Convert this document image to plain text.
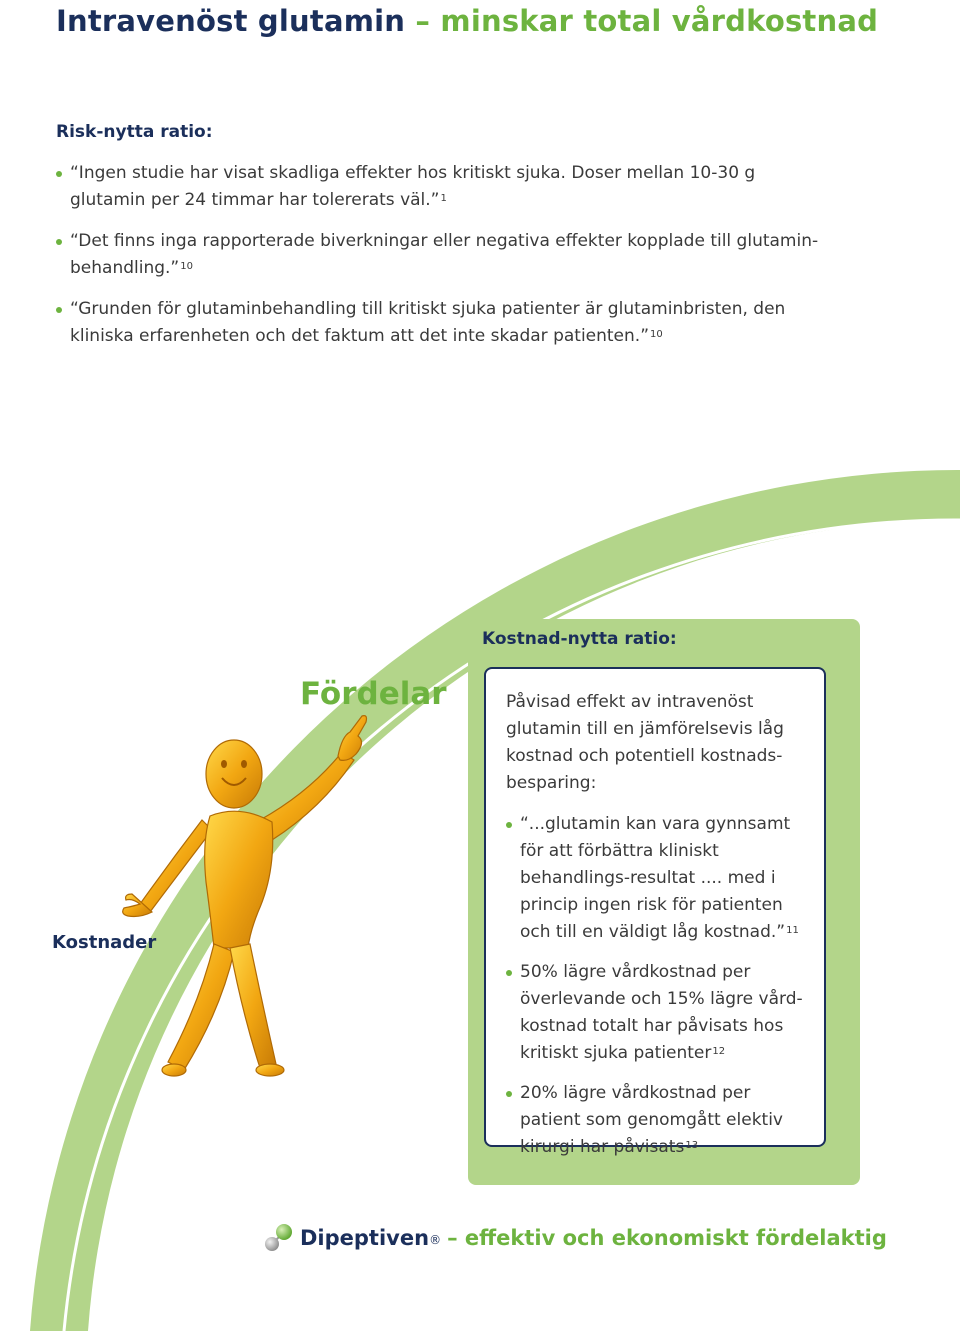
Intravenöst glutamin – minskar total vårdkostnad
Risk-nytta ratio:
“Ingen studie har visat skadliga effekter hos kritiskt sjuka. Doser mellan 10-30 g glutamin per 24 timmar har tolererats väl.”$^1$
“Det finns inga rapporterade biverkningar eller negativa effekter kopplade till glutamin-behandling.”$^{10}$
“Grunden för glutaminbehandling till kritiskt sjuka patienter är glutaminbristen, den kliniska erfarenheten och det faktum att det inte skadar patienten.”$^{10}$
Fördelar
Kostnader
Kostnad-nytta ratio:

Påvisad effekt av intravenöst glutamin till en jämförelsevis låg kostnad och potentiell kostnads-besparing:

“...glutamin kan vara gynnsamt för att förbättra kliniskt behandlings-resultat .... med i princip ingen risk för patienten och till en väldigt låg kostnad.”$^{11}$
50% lägre vårdkostnad per överlevande och 15% lägre vård-kostnad totalt har påvisats hos kritiskt sjuka patienter$^{12}$
20% lägre vårdkostnad per patient som genomgått elektiv kirurgi har påvisats$^{13}$
Dipeptiven ® – effektiv och ekonomiskt fördelaktig
